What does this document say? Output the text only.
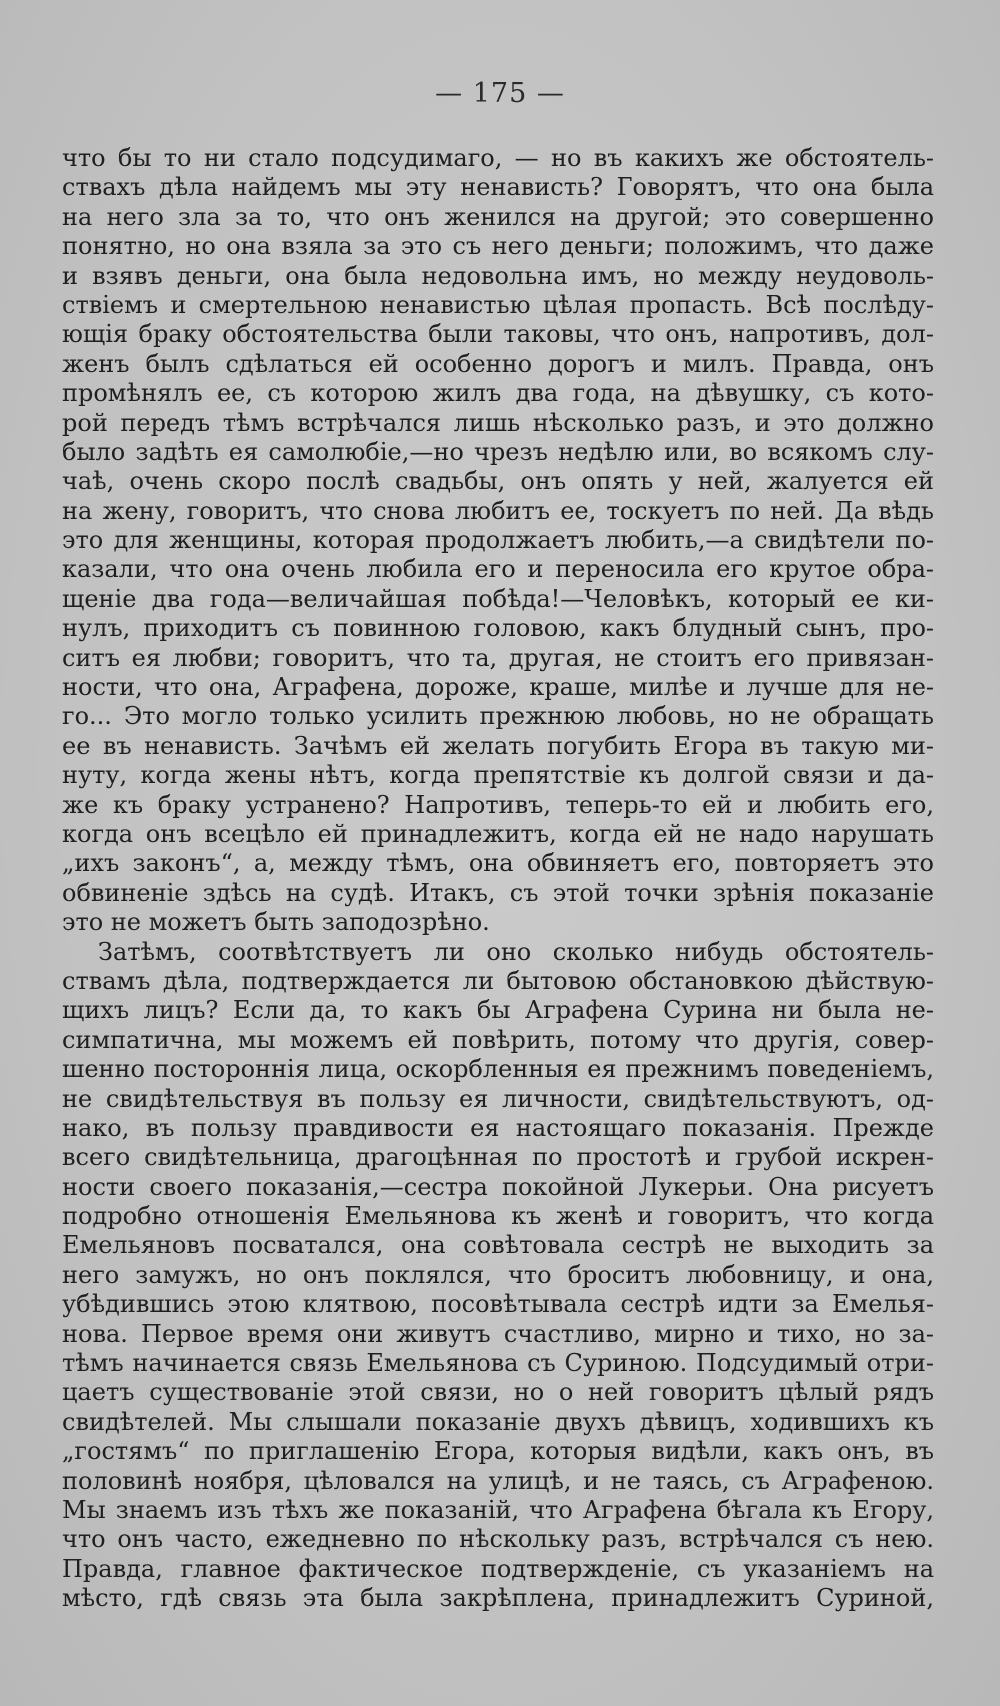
— 175 —
что бы то ни стало подсудимаго, — но въ какихъ же обстоятель-
ствахъ дѣла найдемъ мы эту ненависть? Говорятъ, что она была
на него зла за то, что онъ женился на другой; это совершенно
понятно, но она взяла за это съ него деньги; положимъ, что даже
и взявъ деньги, она была недовольна имъ, но между неудоволь-
ствіемъ и смертельною ненавистью цѣлая пропасть. Всѣ послѣду-
ющія браку обстоятельства были таковы, что онъ, напротивъ, дол-
женъ былъ сдѣлаться ей особенно дорогъ и милъ. Правда, онъ
промѣнялъ ее, съ которою жилъ два года, на дѣвушку, съ кото-
рой передъ тѣмъ встрѣчался лишь нѣсколько разъ, и это должно
было задѣть ея самолюбіе,—но чрезъ недѣлю или, во всякомъ слу-
чаѣ, очень скоро послѣ свадьбы, онъ опять у ней, жалуется ей
на жену, говоритъ, что снова любитъ ее, тоскуетъ по ней. Да вѣдь
это для женщины, которая продолжаетъ любить,—а свидѣтели по-
казали, что она очень любила его и переносила его крутое обра-
щеніе два года—величайшая побѣда!—Человѣкъ, который ее ки-
нулъ, приходитъ съ повинною головою, какъ блудный сынъ, про-
ситъ ея любви; говоритъ, что та, другая, не стоитъ его привязан-
ности, что она, Аграфена, дороже, краше, милѣе и лучше для не-
го... Это могло только усилить прежнюю любовь, но не обращать
ее въ ненависть. Зачѣмъ ей желать погубить Егора въ такую ми-
нуту, когда жены нѣтъ, когда препятствіе къ долгой связи и да-
же къ браку устранено? Напротивъ, теперь-то ей и любить его,
когда онъ всецѣло ей принадлежитъ, когда ей не надо нарушать
„ихъ законъ“, а, между тѣмъ, она обвиняетъ его, повторяетъ это
обвиненіе здѣсь на судѣ. Итакъ, съ этой точки зрѣнія показаніе
это не можетъ быть заподозрѣно.
Затѣмъ, соотвѣтствуетъ ли оно сколько нибудь обстоятель-
ствамъ дѣла, подтверждается ли бытовою обстановкою дѣйствую-
щихъ лицъ? Если да, то какъ бы Аграфена Сурина ни была не-
симпатична, мы можемъ ей повѣрить, потому что другія, совер-
шенно постороннія лица, оскорбленныя ея прежнимъ поведеніемъ,
не свидѣтельствуя въ пользу ея личности, свидѣтельствуютъ, од-
нако, въ пользу правдивости ея настоящаго показанія. Прежде
всего свидѣтельница, драгоцѣнная по простотѣ и грубой искрен-
ности своего показанія,—сестра покойной Лукерьи. Она рисуетъ
подробно отношенія Емельянова къ женѣ и говоритъ, что когда
Емельяновъ посватался, она совѣтовала сестрѣ не выходить за
него замужъ, но онъ поклялся, что броситъ любовницу, и она,
убѣдившись этою клятвою, посовѣтывала сестрѣ идти за Емелья-
нова. Первое время они живутъ счастливо, мирно и тихо, но за-
тѣмъ начинается связь Емельянова съ Суриною. Подсудимый отри-
цаетъ существованіе этой связи, но о ней говоритъ цѣлый рядъ
свидѣтелей. Мы слышали показаніе двухъ дѣвицъ, ходившихъ къ
„гостямъ“ по приглашенію Егора, которыя видѣли, какъ онъ, въ
половинѣ ноября, цѣловался на улицѣ, и не таясь, съ Аграфеною.
Мы знаемъ изъ тѣхъ же показаній, что Аграфена бѣгала къ Егору,
что онъ часто, ежедневно по нѣскольку разъ, встрѣчался съ нею.
Правда, главное фактическое подтвержденіе, съ указаніемъ на
мѣсто, гдѣ связь эта была закрѣплена, принадлежитъ Суриной,
